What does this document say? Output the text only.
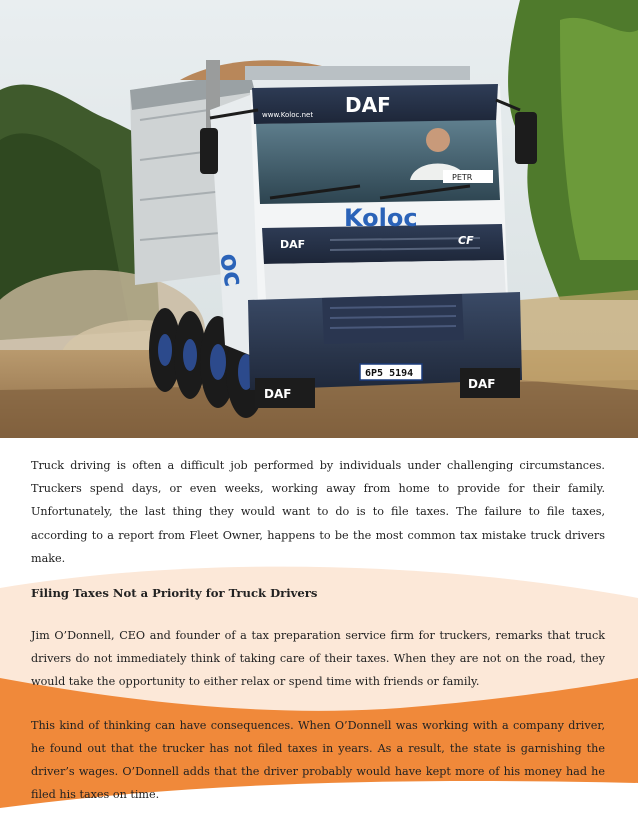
oc
DAF
www.Koloc.net
Koloc
DAF	CF
PETR
6P5 5194
DAF
DAF

Truck driving is often a difficult job performed by individuals under challenging circumstances. Truckers spend days, or even weeks, working away from home to provide for their family. Unfortunately, the last thing they would want to do is to file taxes. The failure to file taxes, according to a report from Fleet Owner, happens to be the most common tax mistake truck drivers make.

Filing Taxes Not a Priority for Truck Drivers

Jim O’Donnell, CEO and founder of a tax preparation service firm for truckers, remarks that truck drivers do not immediately think of taking care of their taxes. When they are not on the road, they would take the opportunity to either relax or spend time with friends or family.

This kind of thinking can have consequences. When O’Donnell was working with a company driver, he found out that the trucker has not filed taxes in years. As a result, the state is garnishing the driver’s wages. O’Donnell adds that the driver probably would have kept more of his money had he filed his taxes on time.
